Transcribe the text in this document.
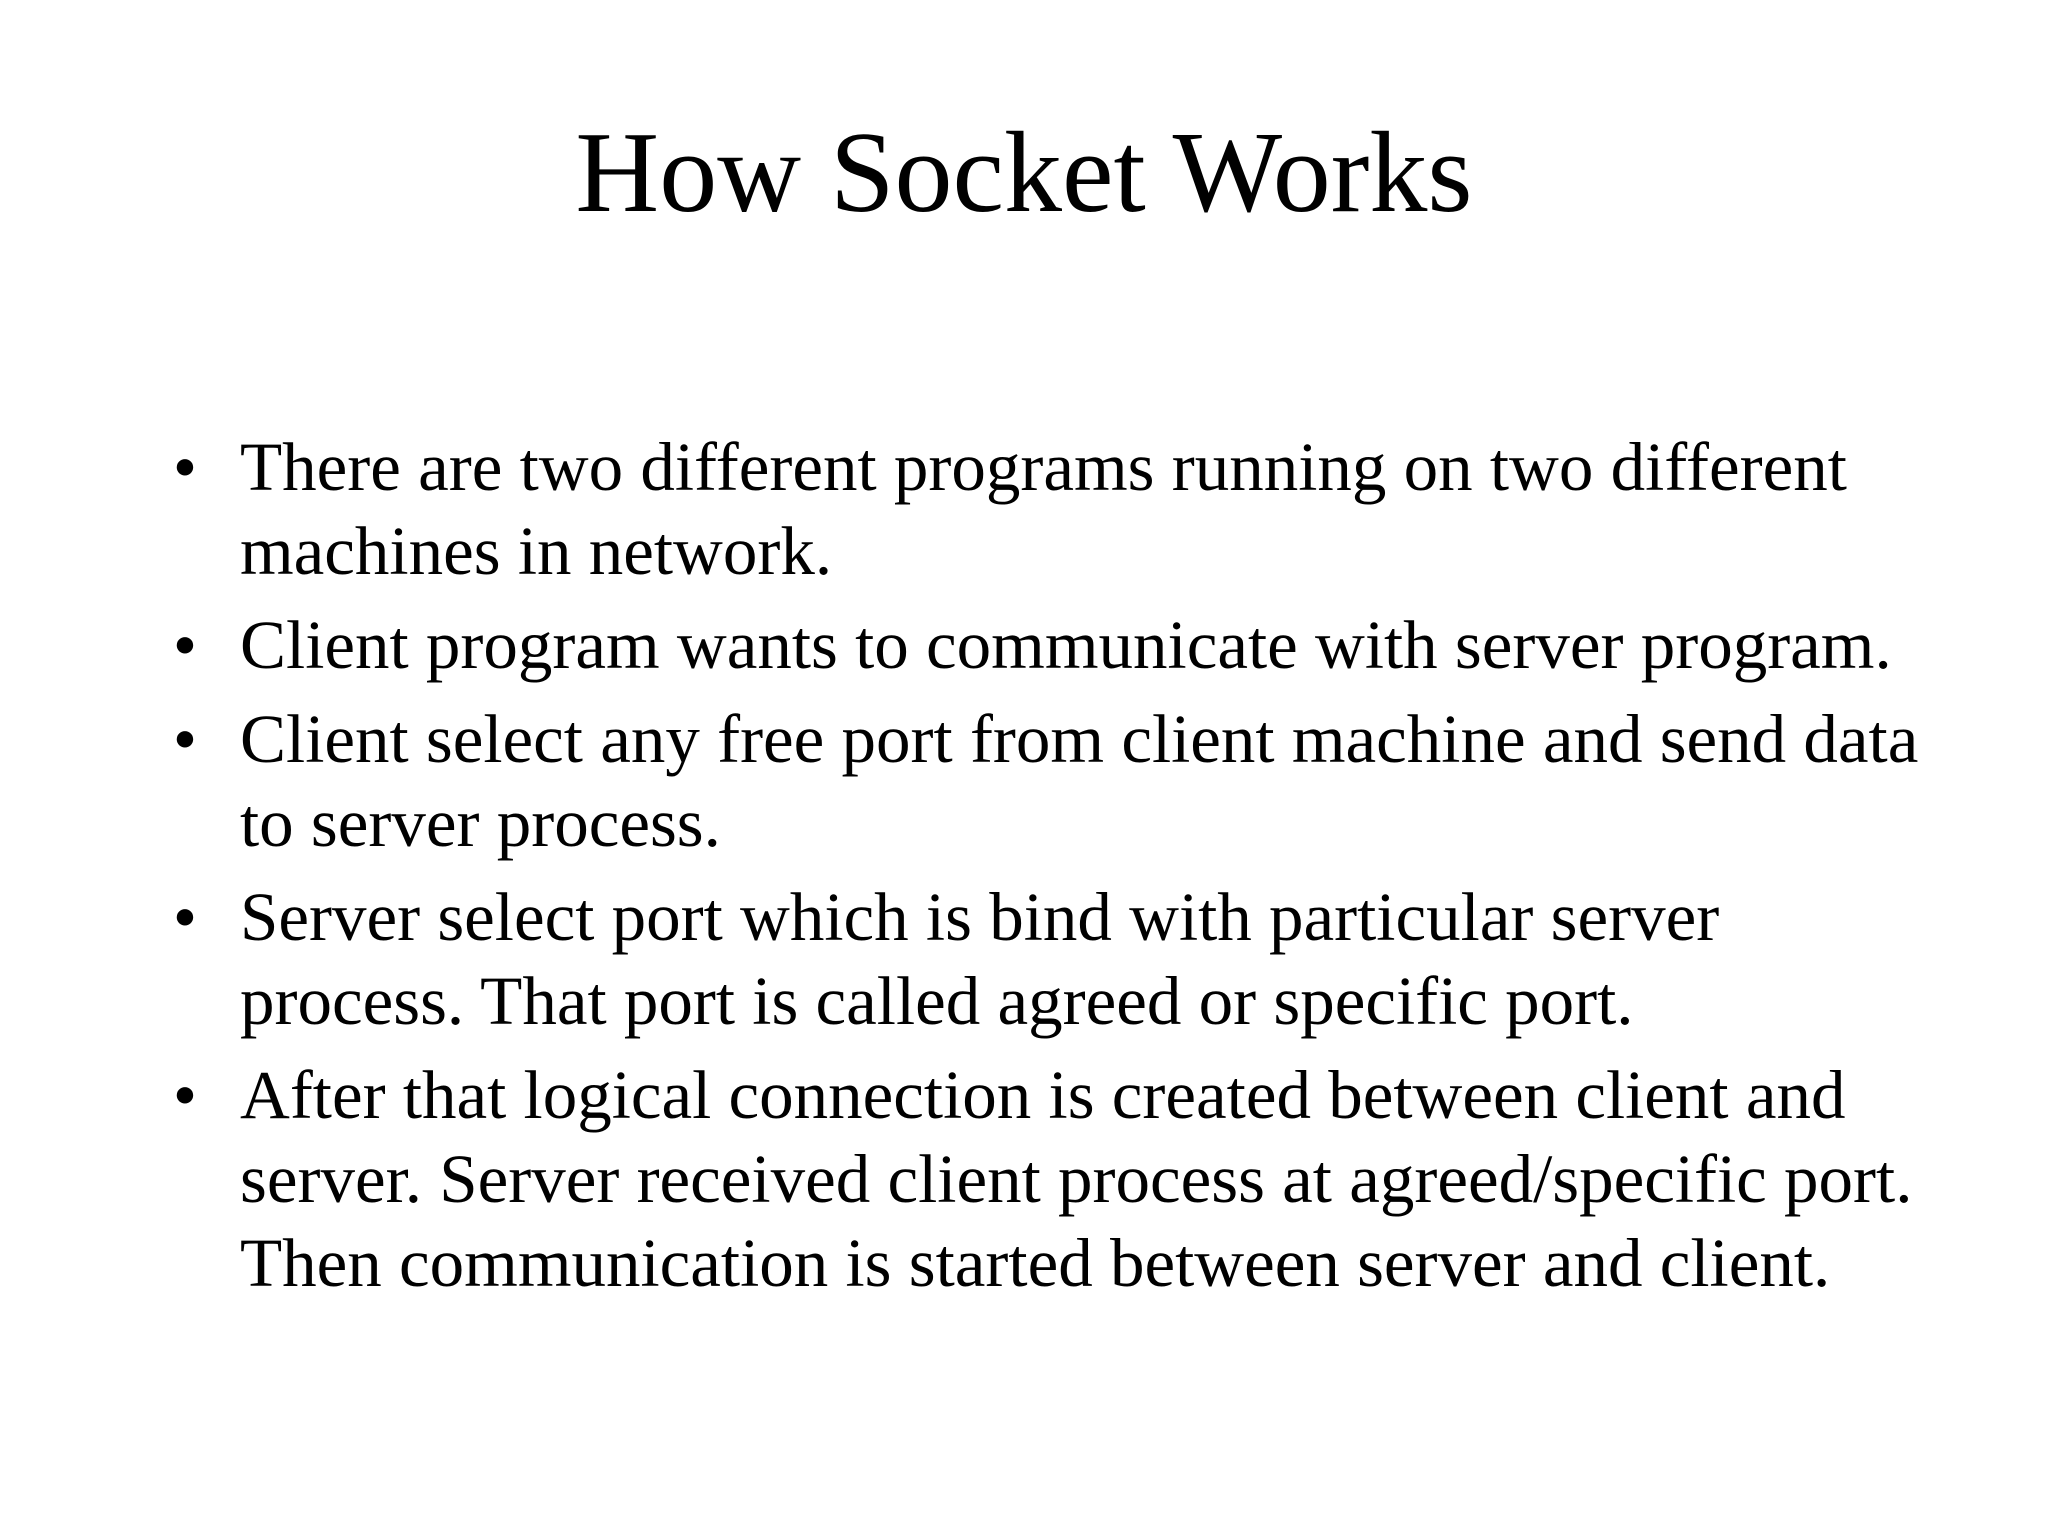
How Socket Works
• There are two different programs running on two different machines in network.
• Client program wants to communicate with server program.
• Client select any free port from client machine and send data to server process.
• Server select port which is bind with particular server process. That port is called agreed or specific port.
• After that logical connection is created between client and server. Server received client process at agreed/specific port. Then communication is started between server and client.
